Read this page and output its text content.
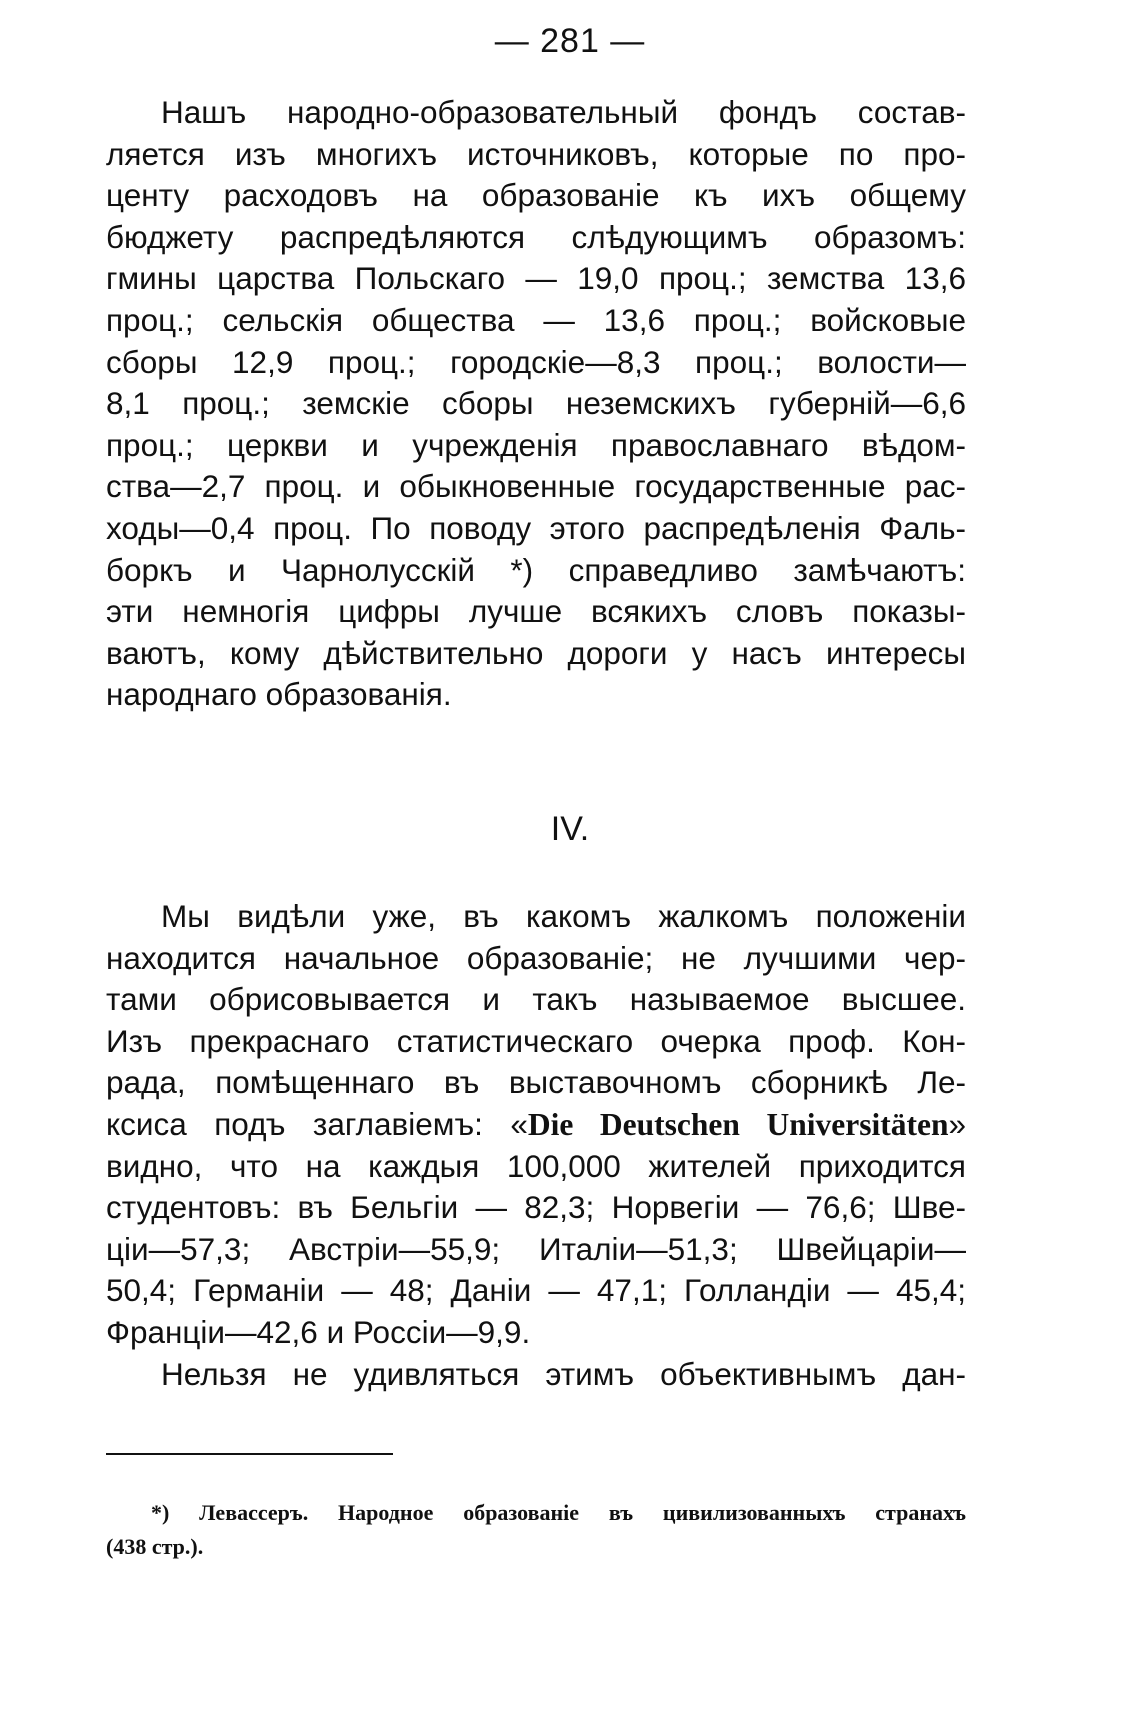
— 281 —
Нашъ народно-образовательный фондъ состав-
ляется изъ многихъ источниковъ, которые по про-
центу расходовъ на образованіе къ ихъ общему
бюджету распредѣляются слѣдующимъ образомъ:
гмины царства Польскаго — 19,0 проц.; земства 13,6
проц.; сельскія общества — 13,6 проц.; войсковые
сборы 12,9 проц.; городскіе—8,3 проц.; волости—
8,1 проц.; земскіе сборы неземскихъ губерній—6,6
проц.; церкви и учрежденія православнаго вѣдом-
ства—2,7 проц. и обыкновенные государственные рас-
ходы—0,4 проц. По поводу этого распредѣленія Фаль-
боркъ и Чарнолусскій *) справедливо замѣчаютъ:
эти немногія цифры лучше всякихъ словъ показы-
ваютъ, кому дѣйствительно дороги у насъ интересы
народнаго образованія.
IV.
Мы видѣли уже, въ какомъ жалкомъ положеніи
находится начальное образованіе; не лучшими чер-
тами обрисовывается и такъ называемое высшее.
Изъ прекраснаго статистическаго очерка проф. Кон-
рада, помѣщеннаго въ выставочномъ сборникѣ Ле-
ксиса подъ заглавіемъ: «Die Deutschen Universitäten»
видно, что на каждыя 100,000 жителей приходится
студентовъ: въ Бельгіи — 82,3; Норвегіи — 76,6; Шве-
ціи—57,3; Австріи—55,9; Италіи—51,3; Швейцаріи—
50,4; Германіи — 48; Даніи — 47,1; Голландіи — 45,4;
Франціи—42,6 и Россіи—9,9.
Нельзя не удивляться этимъ объективнымъ дан-
*) Левассеръ. Народное образованіе въ цивилизованныхъ странахъ
(438 стр.).
